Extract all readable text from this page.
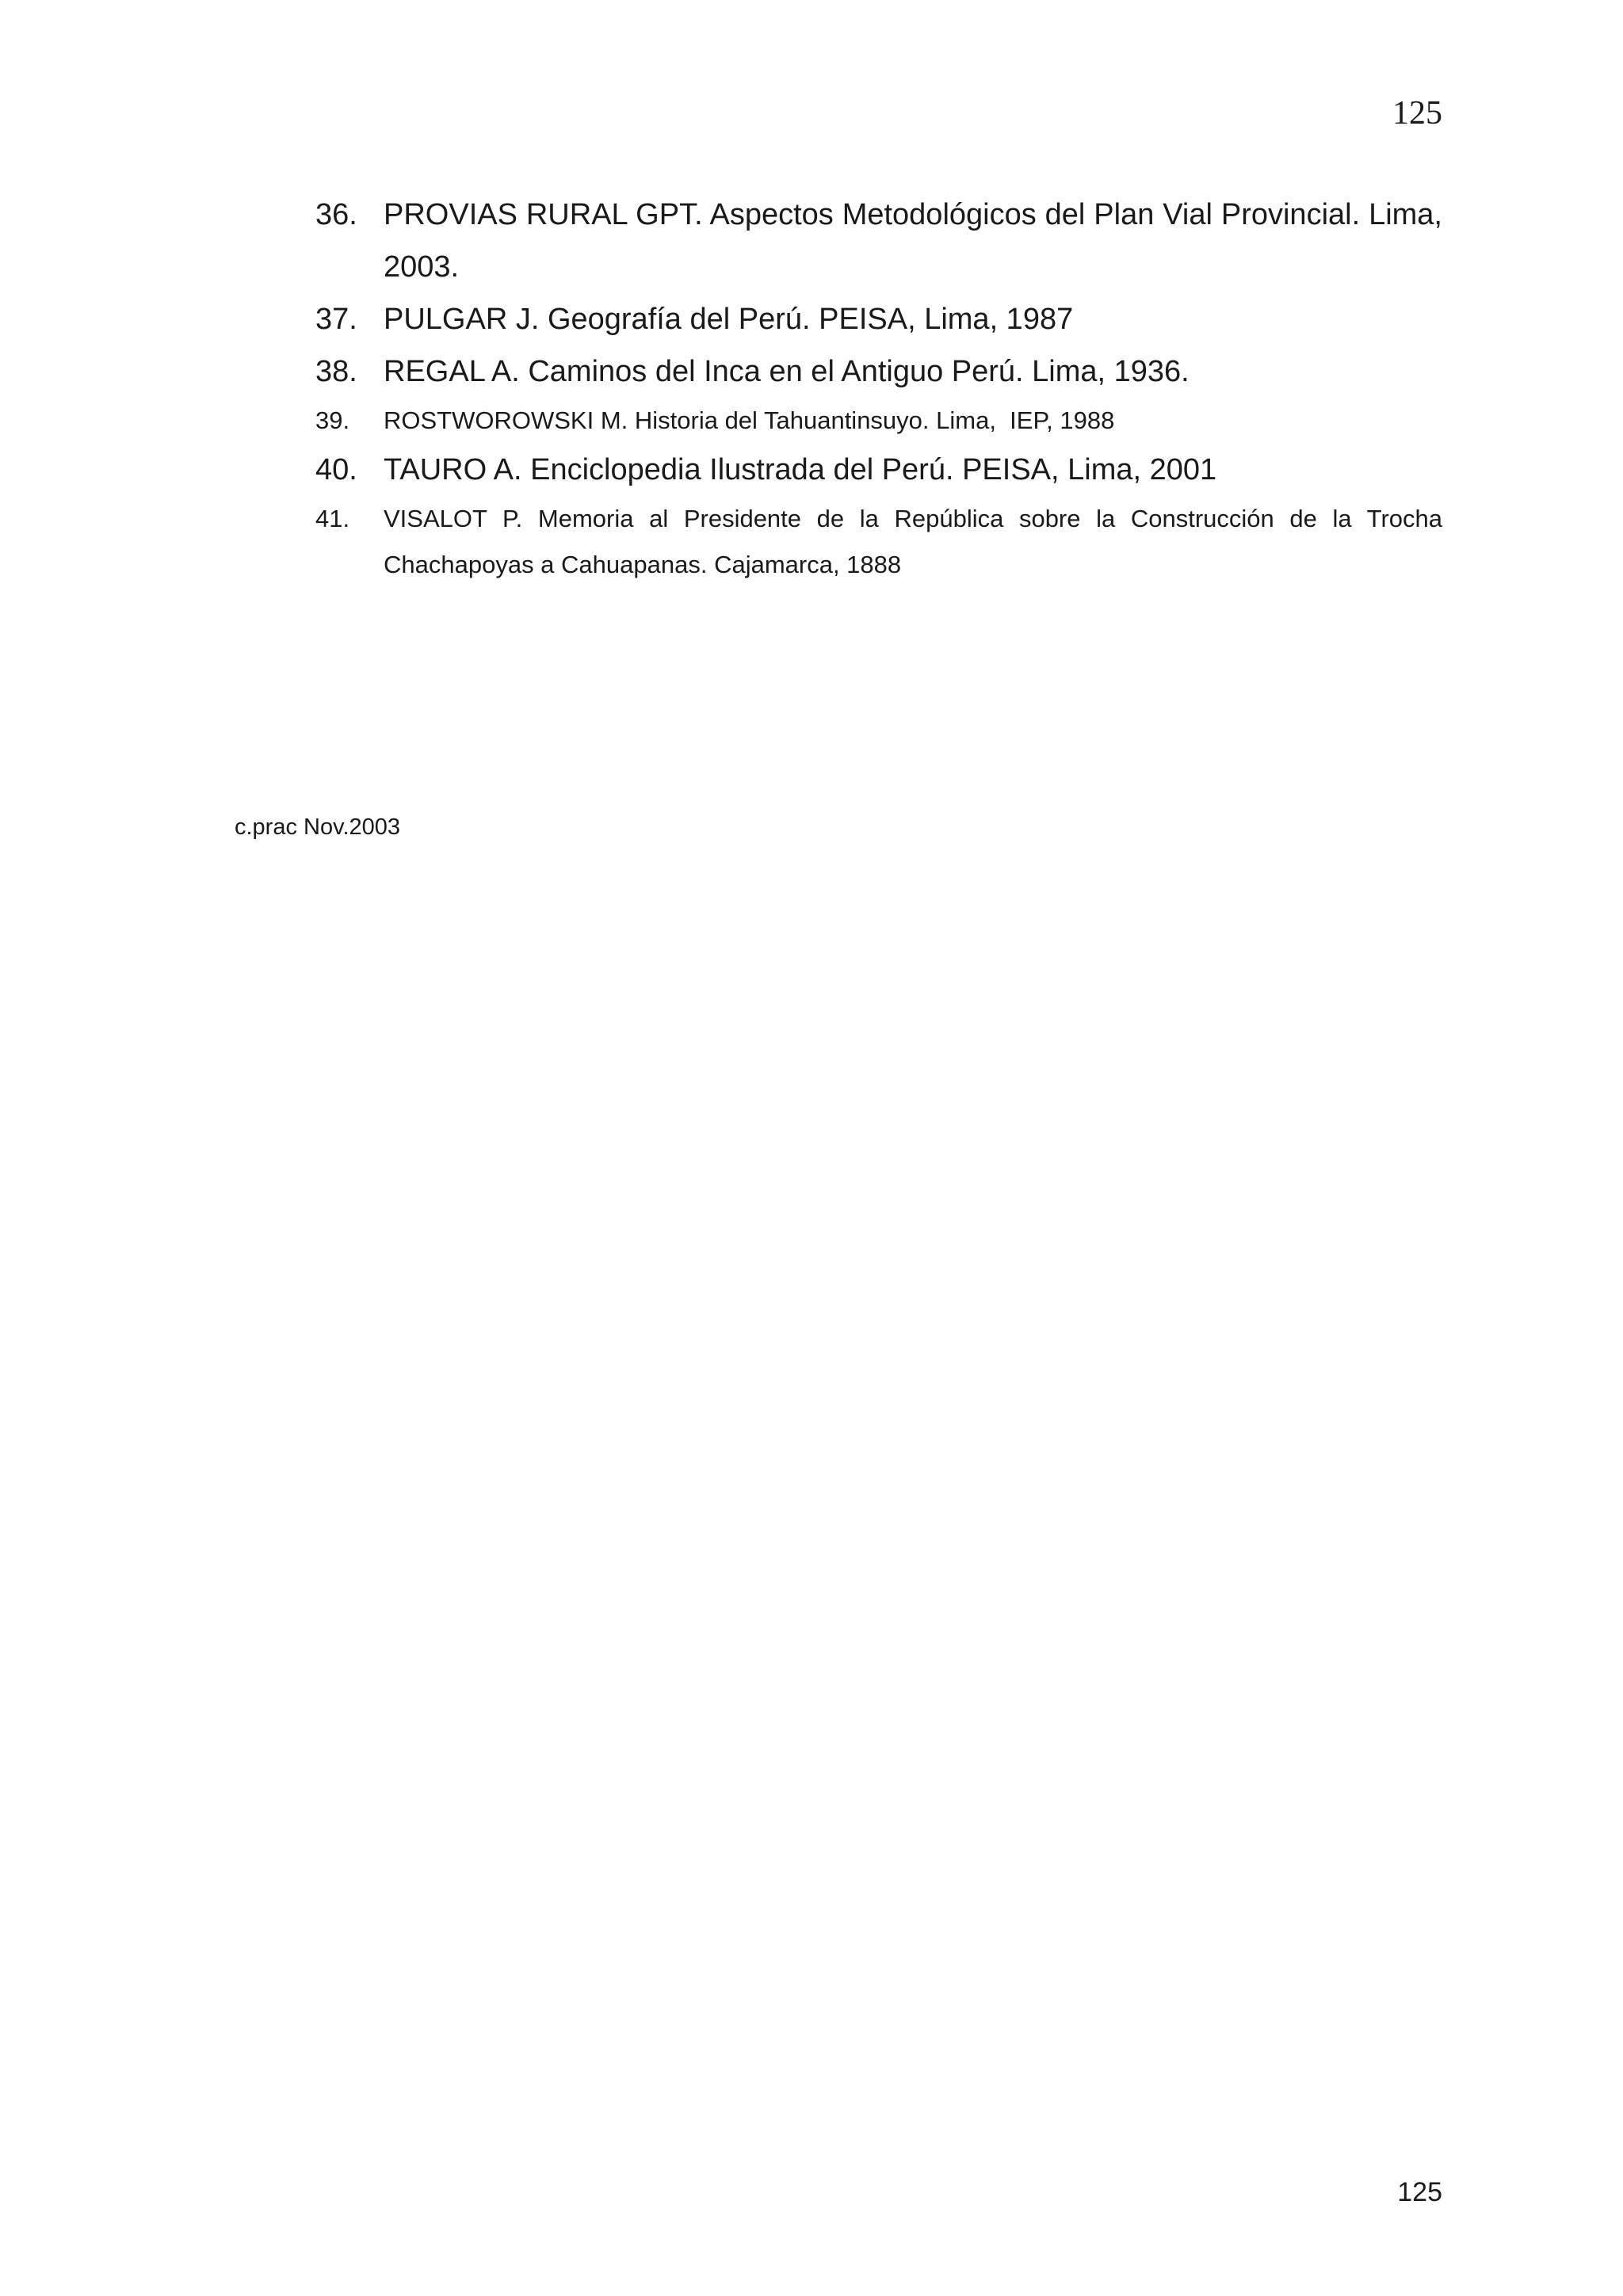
125
36. PROVIAS RURAL GPT. Aspectos Metodológicos del Plan Vial Provincial. Lima, 2003.
37. PULGAR J. Geografía del Perú. PEISA, Lima, 1987
38. REGAL A. Caminos del Inca en el Antiguo Perú. Lima, 1936.
39.	ROSTWOROWSKI M. Historia del Tahuantinsuyo. Lima,  IEP, 1988
40. TAURO A. Enciclopedia Ilustrada del Perú. PEISA, Lima, 2001
41.	VISALOT P. Memoria al Presidente de la República sobre la Construcción de la Trocha Chachapoyas a Cahuapanas. Cajamarca, 1888
c.prac Nov.2003
125
